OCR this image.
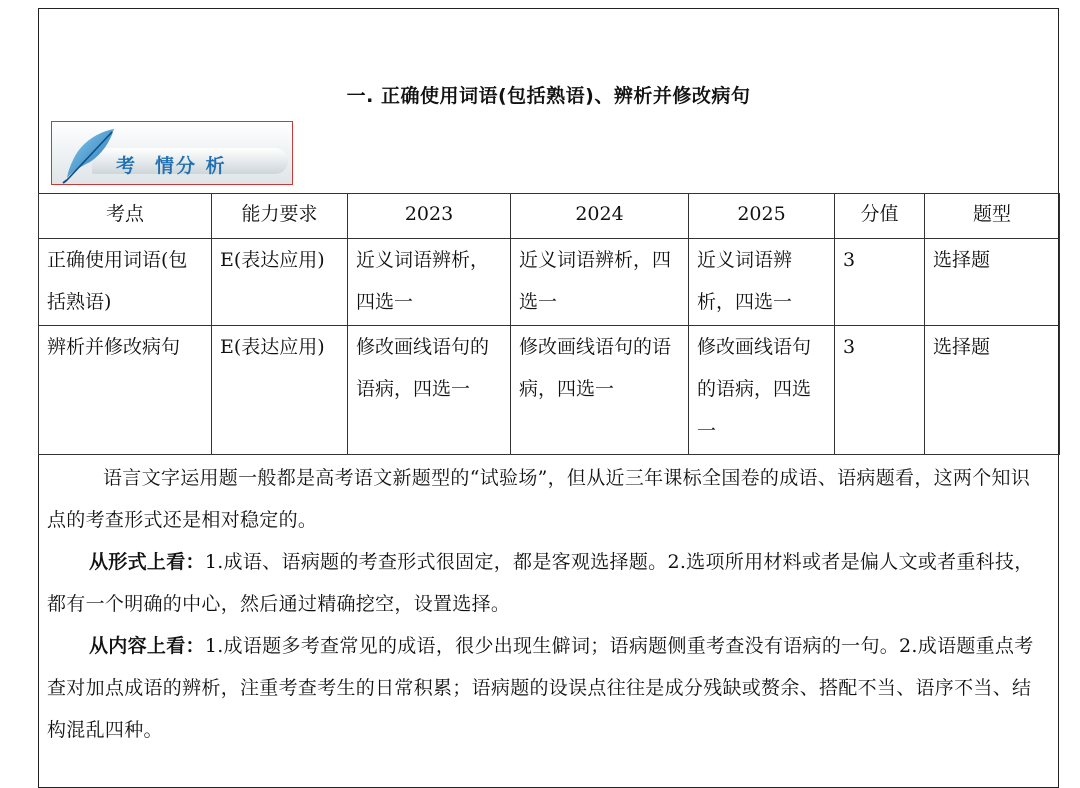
一. 正确使用词语(包括熟语)、辨析并修改病句
考 情分 析
考点	能力要求	2023	2024	2025	分值	题型
正确使用词语(包括熟语)	E(表达应用)	近义词语辨析，四选一	近义词语辨析，四选一	近义词语辨析，四选一	3	选择题
辨析并修改病句	E(表达应用)	修改画线语句的语病，四选一	修改画线语句的语病，四选一	修改画线语句的语病，四选一	3	选择题

语言文字运用题一般都是高考语文新题型的“试验场”，但从近三年课标全国卷的成语、语病题看，这两个知识点的考查形式还是相对稳定的。

从形式上看：1.成语、语病题的考查形式很固定，都是客观选择题。2.选项所用材料或者是偏人文或者重科技，都有一个明确的中心，然后通过精确挖空，设置选择。

从内容上看：1.成语题多考查常见的成语，很少出现生僻词；语病题侧重考查没有语病的一句。2.成语题重点考查对加点成语的辨析，注重考查考生的日常积累；语病题的设误点往往是成分残缺或赘余、搭配不当、语序不当、结构混乱四种。
